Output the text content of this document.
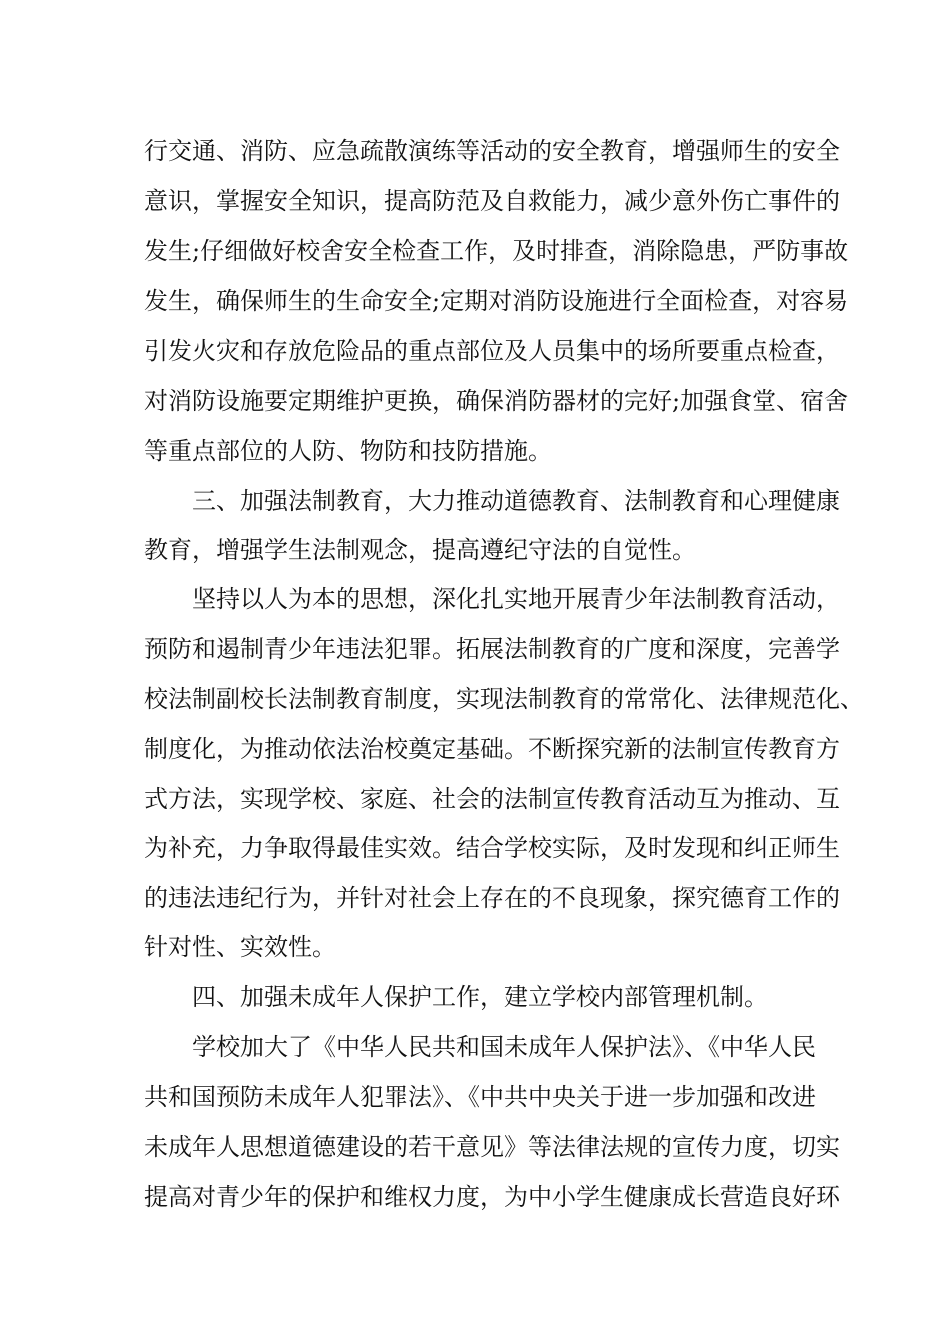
行交通、消防、应急疏散演练等活动的安全教育，增强师生的安全
意识，掌握安全知识，提高防范及自救能力，减少意外伤亡事件的
发生;仔细做好校舍安全检查工作，及时排查，消除隐患，严防事故
发生，确保师生的生命安全;定期对消防设施进行全面检查，对容易
引发火灾和存放危险品的重点部位及人员集中的场所要重点检查，
对消防设施要定期维护更换，确保消防器材的完好;加强食堂、宿舍
等重点部位的人防、物防和技防措施。
三、加强法制教育，大力推动道德教育、法制教育和心理健康
教育，增强学生法制观念，提高遵纪守法的自觉性。
坚持以人为本的思想，深化扎实地开展青少年法制教育活动，
预防和遏制青少年违法犯罪。拓展法制教育的广度和深度，完善学
校法制副校长法制教育制度，实现法制教育的常常化、法律规范化、
制度化，为推动依法治校奠定基础。不断探究新的法制宣传教育方
式方法，实现学校、家庭、社会的法制宣传教育活动互为推动、互
为补充，力争取得最佳实效。结合学校实际，及时发现和纠正师生
的违法违纪行为，并针对社会上存在的不良现象，探究德育工作的
针对性、实效性。
四、加强未成年人保护工作，建立学校内部管理机制。
学校加大了《中华人民共和国未成年人保护法》、《中华人民
共和国预防未成年人犯罪法》、《中共中央关于进一步加强和改进
未成年人思想道德建设的若干意见》等法律法规的宣传力度，切实
提高对青少年的保护和维权力度，为中小学生健康成长营造良好环
